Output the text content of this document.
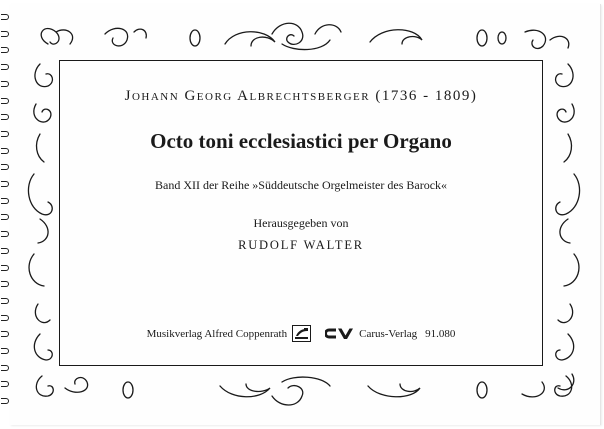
Johann Georg Albrechtsberger (1736 - 1809)
Octo toni ecclesiastici per Organo
Band XII der Reihe »Süddeutsche Orgelmeister des Barock«
Herausgegeben von
RUDOLF WALTER
Musikverlag Alfred Coppenrath	Carus-Verlag 91.080
